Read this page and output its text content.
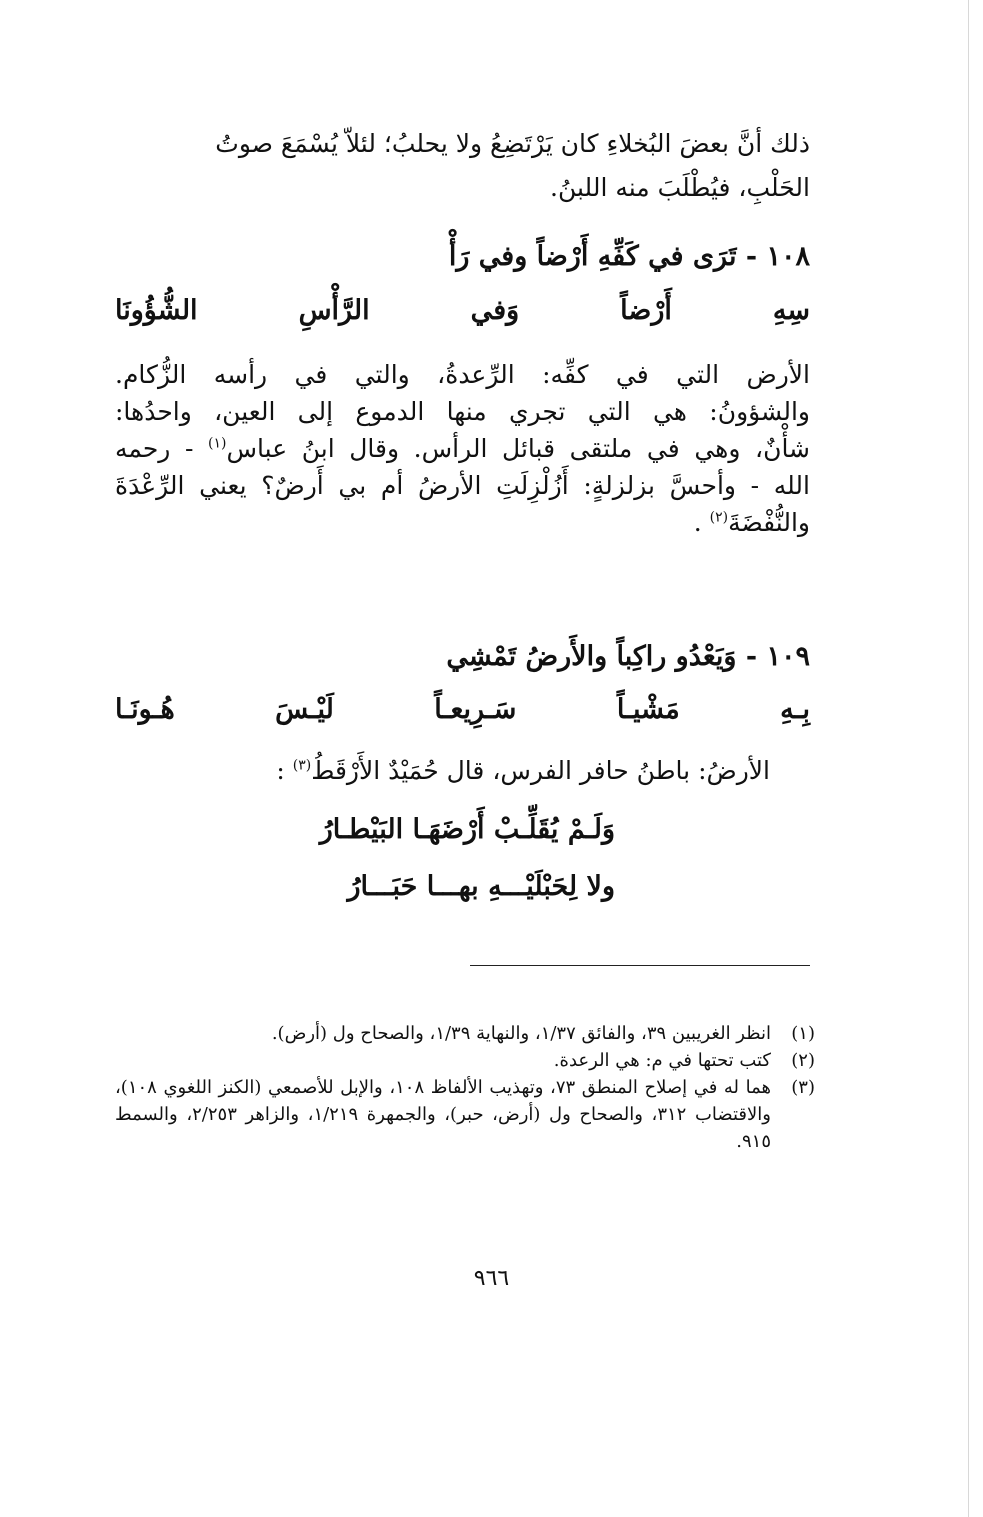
ذلك أنَّ بعضَ البُخلاءِ كان يَرْتَضِعُ ولا يحلبُ؛ لئلاّ يُسْمَعَ صوتُ
الحَلْبِ، فيُطْلَبَ منه اللبنُ.

١٠٨ - تَرَى في كَفِّهِ أَرْضاً وفي رَأْ

سِهِ أَرْضاً وَفي الرَّأْسِ الشُّؤُونَا

الأرض التي في كفِّه: الرِّعدةُ، والتي في رأسه الزُّكام.
والشؤونُ: هي التي تجري منها الدموع إلى العين، واحدُها:
شأْنٌ، وهي في ملتقى قبائل الرأس. وقال ابنُ عباس$^{(١)}$ - رحمه
الله - وأحسَّ بزلزلةٍ: أَزُلْزِلَتِ الأرضُ أم بي أَرضٌ؟ يعني الرِّعْدَةَ
والنُّفْضَةَ$^{(٢)}$ .

١٠٩ - وَيَعْدُو راكِباً والأَرضُ تَمْشِي

بِـهِ مَشْيـاً سَـرِيعـاً لَيْـسَ هُـونَـا

الأرضُ: باطنُ حافر الفرس، قال حُمَيْدٌ الأَرْقَطُ$^{(٣)}$ :

وَلَـمْ يُقَلِّـبْ أَرْضَهَـا البَيْطـارُ
ولا لِحَبْلَيْـــهِ بهـــا حَبَـــارُ
(١)
انظر الغريبين ٣٩، والفائق ١/٣٧، والنهاية ١/٣٩، والصحاح ول (أرض).
(٢)
كتب تحتها في م: هي الرعدة.
(٣)
هما له في إصلاح المنطق ٧٣، وتهذيب الألفاظ ١٠٨، والإبل للأصمعي (الكنز اللغوي ١٠٨)، والاقتضاب ٣١٢، والصحاح ول (أرض، حبر)، والجمهرة ١/٢١٩، والزاهر ٢/٢٥٣، والسمط ٩١٥.
٩٦٦
